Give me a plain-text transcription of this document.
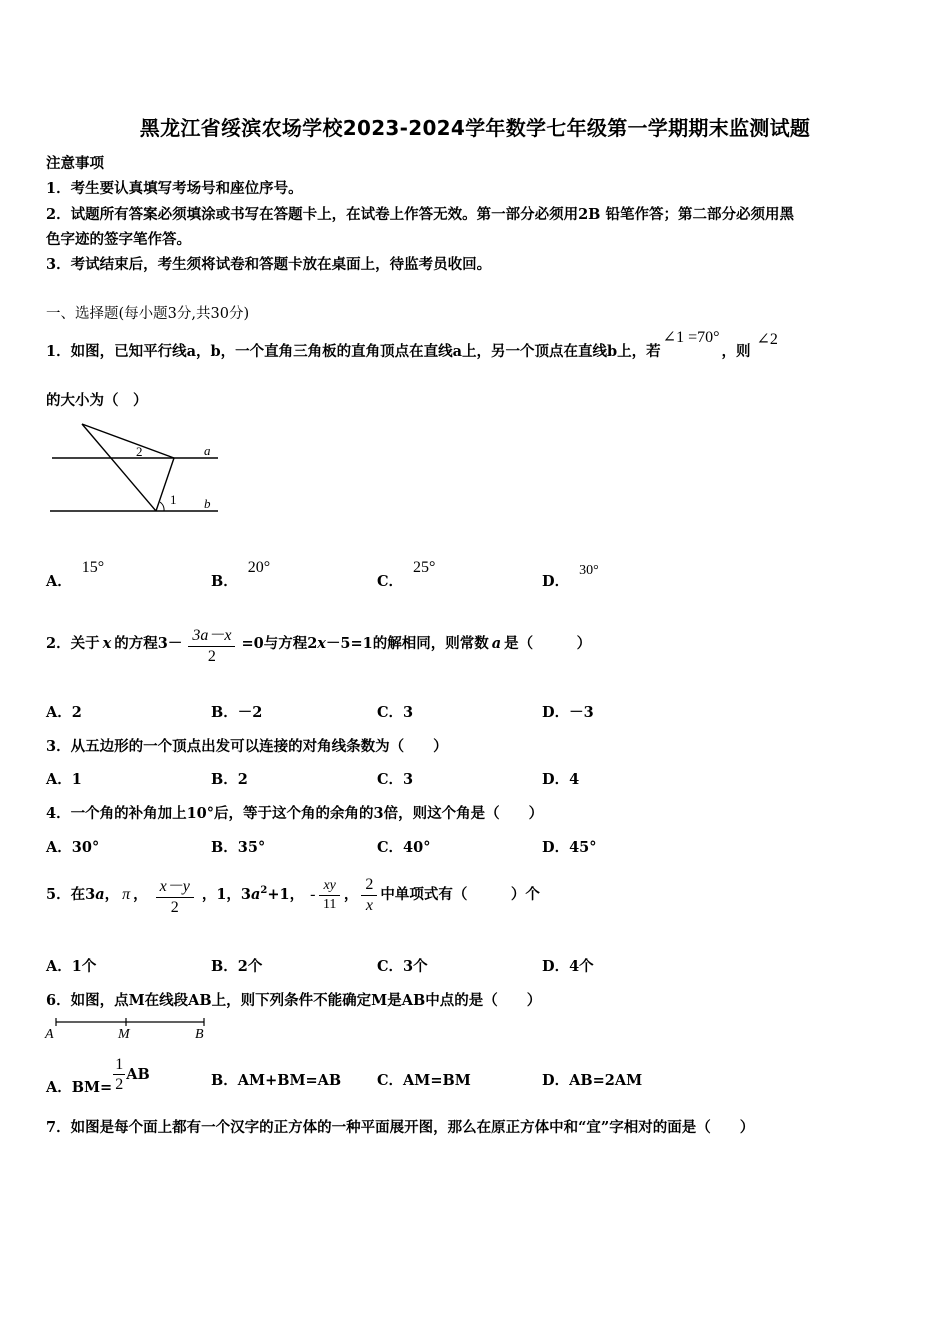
黑龙江省绥滨农场学校2023-2024学年数学七年级第一学期期末监测试题
注意事项
1．考生要认真填写考场号和座位序号。
2．试题所有答案必须填涂或书写在答题卡上，在试卷上作答无效。第一部分必须用2B 铅笔作答；第二部分必须用黑
色字迹的签字笔作答。
3．考试结束后，考生须将试卷和答题卡放在桌面上，待监考员收回。
一、选择题(每小题3分,共30分)
1．如图，已知平行线a，b，一个直角三角板的直角顶点在直线a上，另一个顶点在直线b上，若∠1 =70°，则∠2
的大小为（　）
a
b
1
2
A．15°
B．20°
C．25°
D．30°
2．关于 x 的方程$3- \frac{3a-x}{2} =0$与方程2x－5=1的解相同，则常数 a 是（　　　）
A．2	B．－2	C．3	D．－3
3．从五边形的一个顶点出发可以连接的对角线条数为（　　）
A．1	B．2	C．3	D．4
4．一个角的补角加上10°后，等于这个角的余角的3倍，则这个角是（　　）
A．30°	B．35°	C．40°	D．45°
5．在3a， π ， $\frac{x-y}{2}$ ，1，$3a^2+1$， - $\frac{xy}{11}$ ， $\frac{2}{x}$ 中单项式有（　　　）个
A．1个	B．2个	C．3个	D．4个
6．如图，点M在线段AB上，则下列条件不能确定M是AB中点的是（　　）
A	M	B
A．$BM= \frac{1}{2}$ AB	B．AM+BM=AB C．AM=BM	D．AB=2AM
7．如图是每个面上都有一个汉字的正方体的一种平面展开图，那么在原正方体中和“宜”字相对的面是（　　）
